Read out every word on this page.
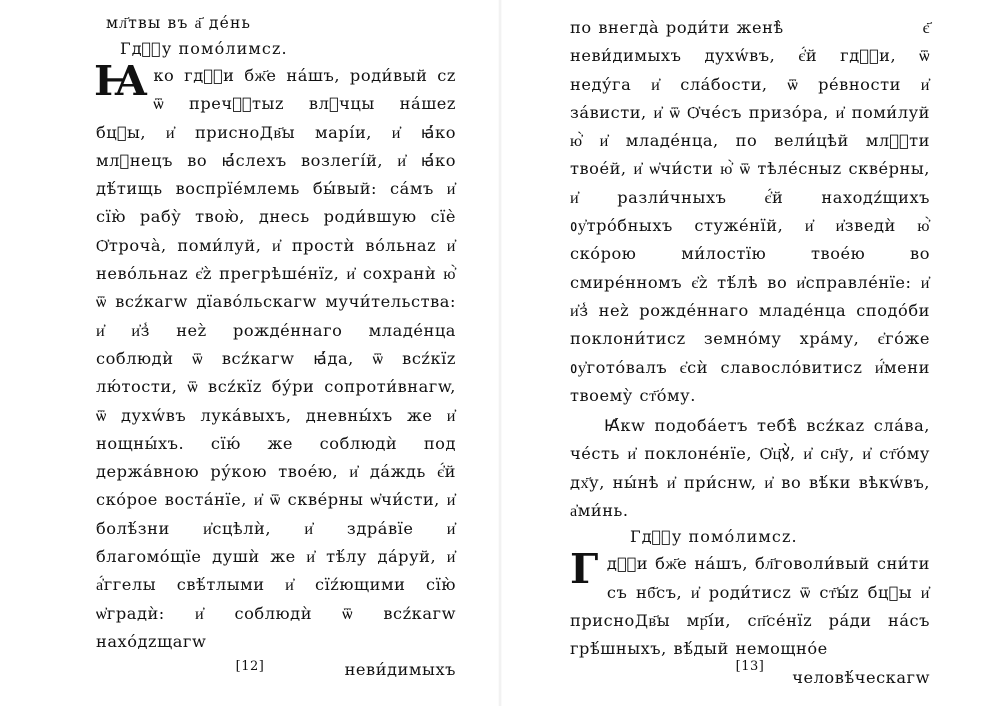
мл҃твы въ а҃ де́нь
Гдⷭ҇у помо́лимсz.
Ꙗко гдⷭ҇и бж҃е на́шъ, роди́вый сz ѿ пречⷭ҇тыz влⷣчцы на́шеz бцⷣы, и҆ присноДв҃ы марі́и, и҆ ꙗ҆́ко млⷣнецъ во ꙗ҆́слехъ возлегі́й, и҆ ꙗ҆́ко дѣ́тищь воспрїе́млемь бы́вый: са́мъ и҆ сїю̀ рабу̀ твою̀, днесь роди́вшую сїѐ Ѻ҆троча̀, поми́луй, и҆ простѝ во́льнаz и҆ нево́льнаz є҆z̀ прегрѣше́нїz, и҆ сохранѝ ю҆̀ ѿ всźкагw дїаво́льскагw мучи́тельства: и҆ и҆з̾ неz̀ рожде́ннаго младе́нца соблюдѝ ѿ всźкагw ꙗ҆́да, ѿ всźкїz лю́тости, ѿ всźкїz бу́ри сопроти́внагw, ѿ духẃвъ лука́выхъ, дневны́хъ же и҆ нощны́хъ. сїю́ же соблюдѝ под держа́вною ру́кою твое́ю, и҆ да́ждь є҆́й ско́рое воста́нїе, и҆ ѿ скве́рны ѡ҆чи́сти, и҆ болѣ́зни и҆сцѣлѝ, и҆ здра́вїе и҆ благомо́щїе душѝ же и҆ тѣ́лу да́руй, и҆ а҆́ггелы свѣ́тлыми и҆ сїźющими сїю̀ ѡ҆градѝ: и҆ соблюдѝ ѿ всźкагw нахо́дzщагw
неви́димыхъ
[12]
є҃
по внегда̀ роди́ти женѣ̀
неви́димыхъ духẃвъ, є҆́й гдⷭ҇и, ѿ неду́га и҆ сла́бости, ѿ ре́вности и҆ за́висти, и҆ ѿ Ѻ҆че́съ призо́ра, и҆ поми́луй ю҆̀ и҆ младе́нца, по вели́цѣй млⷭ҇ти твое́й, и҆ ѡ҆чи́сти ю҆̀ ѿ тѣле́сныz скве́рны, и҆ разли́чныхъ є҆́й находźщихъ ᲂу҆тро́бныхъ стуже́нїй, и҆ и҆зведѝ ю҆̀ ско́рою ми́лостїю твое́ю во смире́нномъ є҆z̀ тѣ́лѣ во и҆справле́нїе: и҆ и҆з̾ неz̀ рожде́ннаго младе́нца сподо́би поклони́тисz земно́му хра́му, є҆го́же ᲂу҆гото́валъ є҆сѝ славосло́витисz и҆́мени твоему̀ ст҃о́му.
Ꙗ҆́кw подоба́етъ тебѣ̀ всźкаz сла́ва, че́сть и҆ поклоне́нїе, Ѻ҆ц҃ꙋ̀, и҆ сн҃у, и҆ ст҃о́му дх҃у, ны́нѣ и҆ при́снw, и҆ во вѣ́ки вѣкẃвъ, а҆ми́нь.
Гдⷭ҇у помо́лимсz.
Гдⷭ҇и бж҃е на́шъ, бл҃говоли́вый сни́ти съ нб҃съ, и҆ роди́тисz ѿ ст҃ы́z бцⷣы и҆ присноДв҃ы мр҃і́и, сп҃се́нїz ра́ди на́съ грѣ́шныхъ, вѣ́дый немощно́е
человѣ́ческагw
[13]
